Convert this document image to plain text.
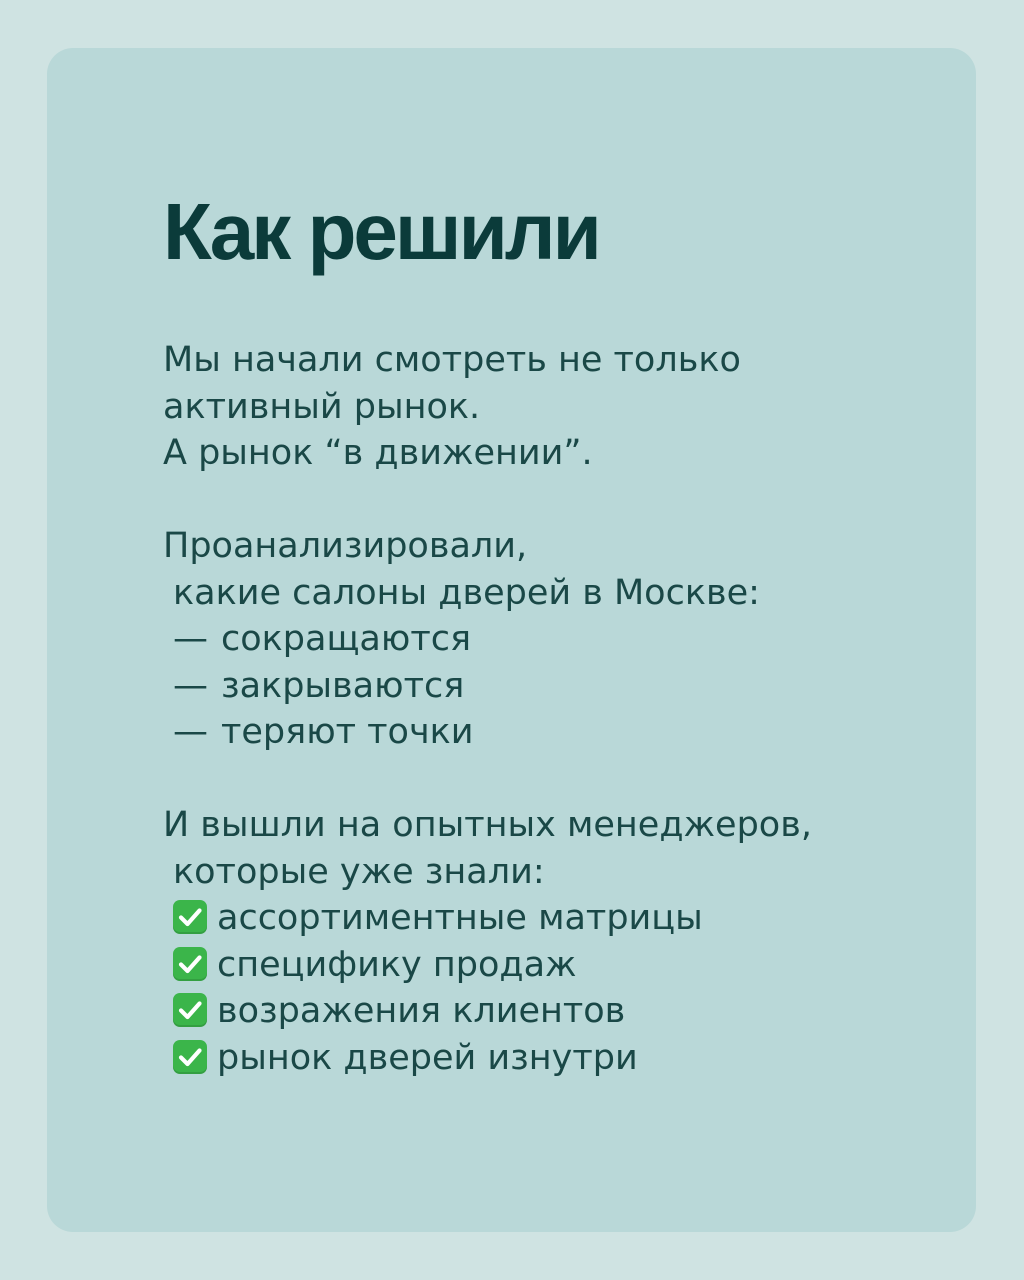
Как решили
Мы начали смотреть не только
активный рынок.
А рынок “в движении”.
Проанализировали,
какие салоны дверей в Москве:
— сокращаются
— закрываются
— теряют точки
И вышли на опытных менеджеров,
которые уже знали:
ассортиментные матрицы
специфику продаж
возражения клиентов
рынок дверей изнутри
